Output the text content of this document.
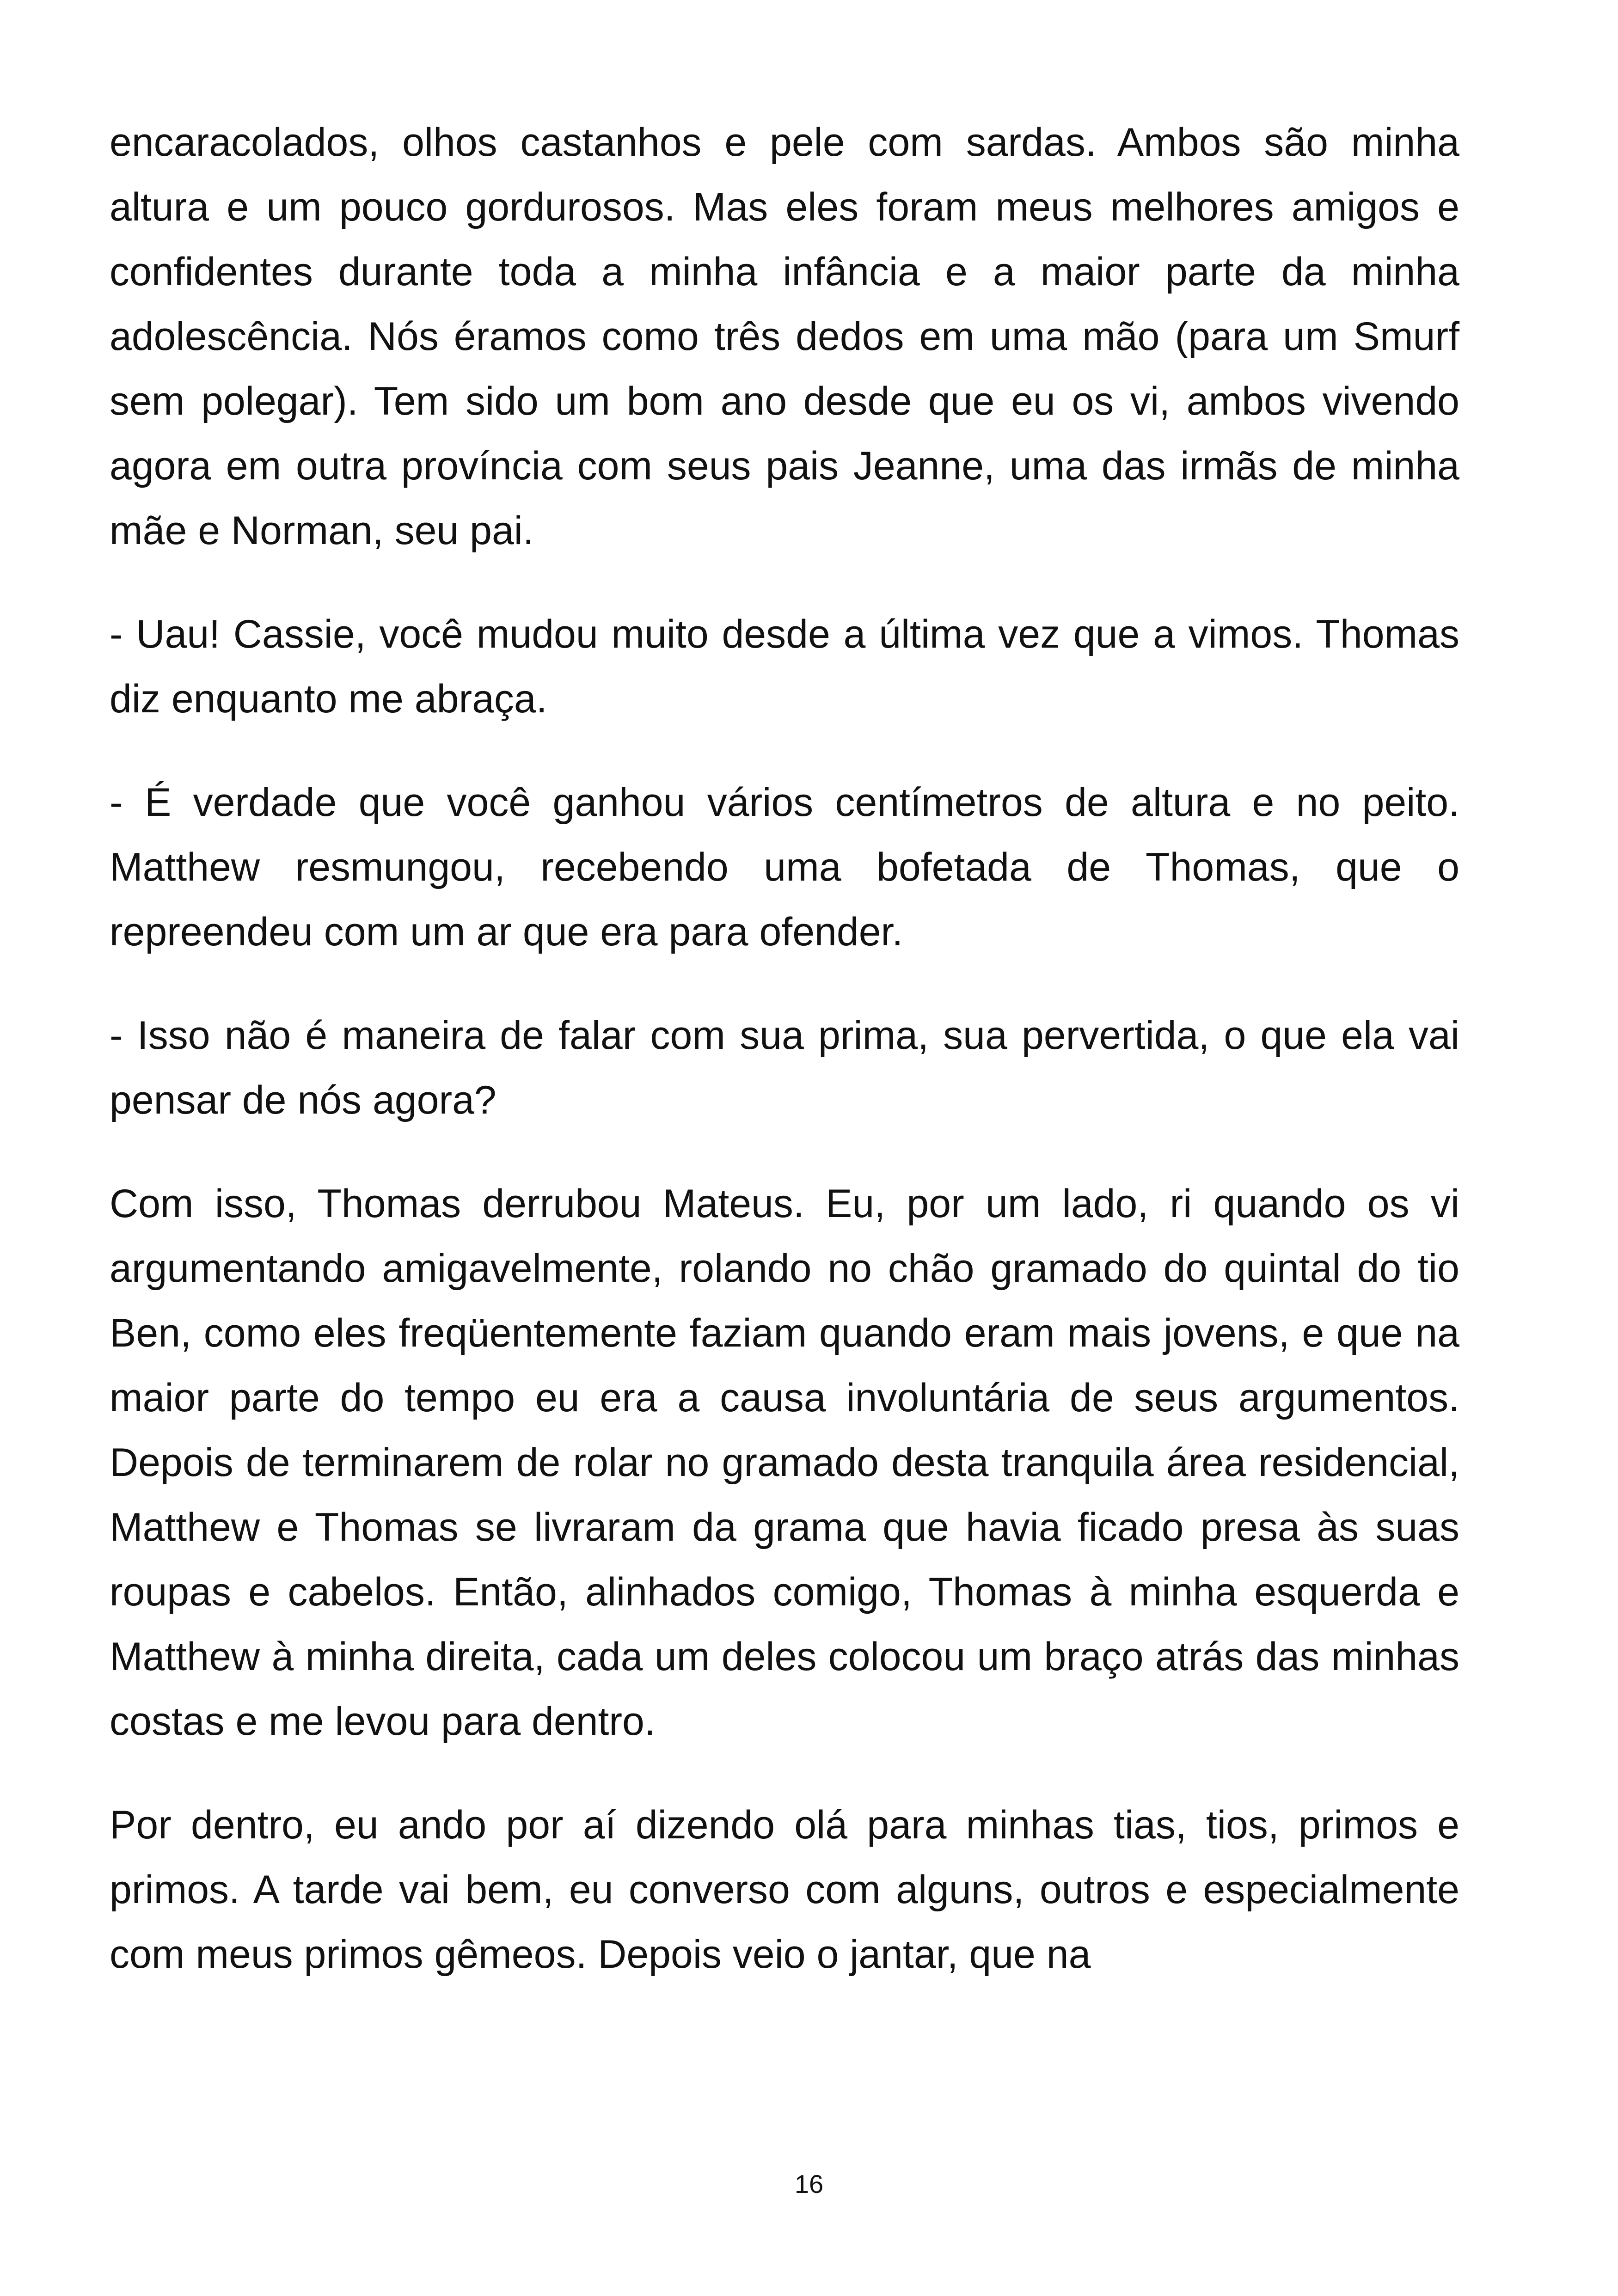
encaracolados, olhos castanhos e pele com sardas. Ambos são minha altura e um pouco gordurosos. Mas eles foram meus melhores amigos e confidentes durante toda a minha infância e a maior parte da minha adolescência. Nós éramos como três dedos em uma mão (para um Smurf sem polegar). Tem sido um bom ano desde que eu os vi, ambos vivendo agora em outra província com seus pais Jeanne, uma das irmãs de minha mãe e Norman, seu pai.

- Uau! Cassie, você mudou muito desde a última vez que a vimos. Thomas diz enquanto me abraça.

- É verdade que você ganhou vários centímetros de altura e no peito. Matthew resmungou, recebendo uma bofetada de Thomas, que o repreendeu com um ar que era para ofender.

- Isso não é maneira de falar com sua prima, sua pervertida, o que ela vai pensar de nós agora?

Com isso, Thomas derrubou Mateus. Eu, por um lado, ri quando os vi argumentando amigavelmente, rolando no chão gramado do quintal do tio Ben, como eles freqüentemente faziam quando eram mais jovens, e que na maior parte do tempo eu era a causa involuntária de seus argumentos. Depois de terminarem de rolar no gramado desta tranquila área residencial, Matthew e Thomas se livraram da grama que havia ficado presa às suas roupas e cabelos. Então, alinhados comigo, Thomas à minha esquerda e Matthew à minha direita, cada um deles colocou um braço atrás das minhas costas e me levou para dentro.

Por dentro, eu ando por aí dizendo olá para minhas tias, tios, primos e primos. A tarde vai bem, eu converso com alguns, outros e especialmente com meus primos gêmeos. Depois veio o jantar, que na

16
